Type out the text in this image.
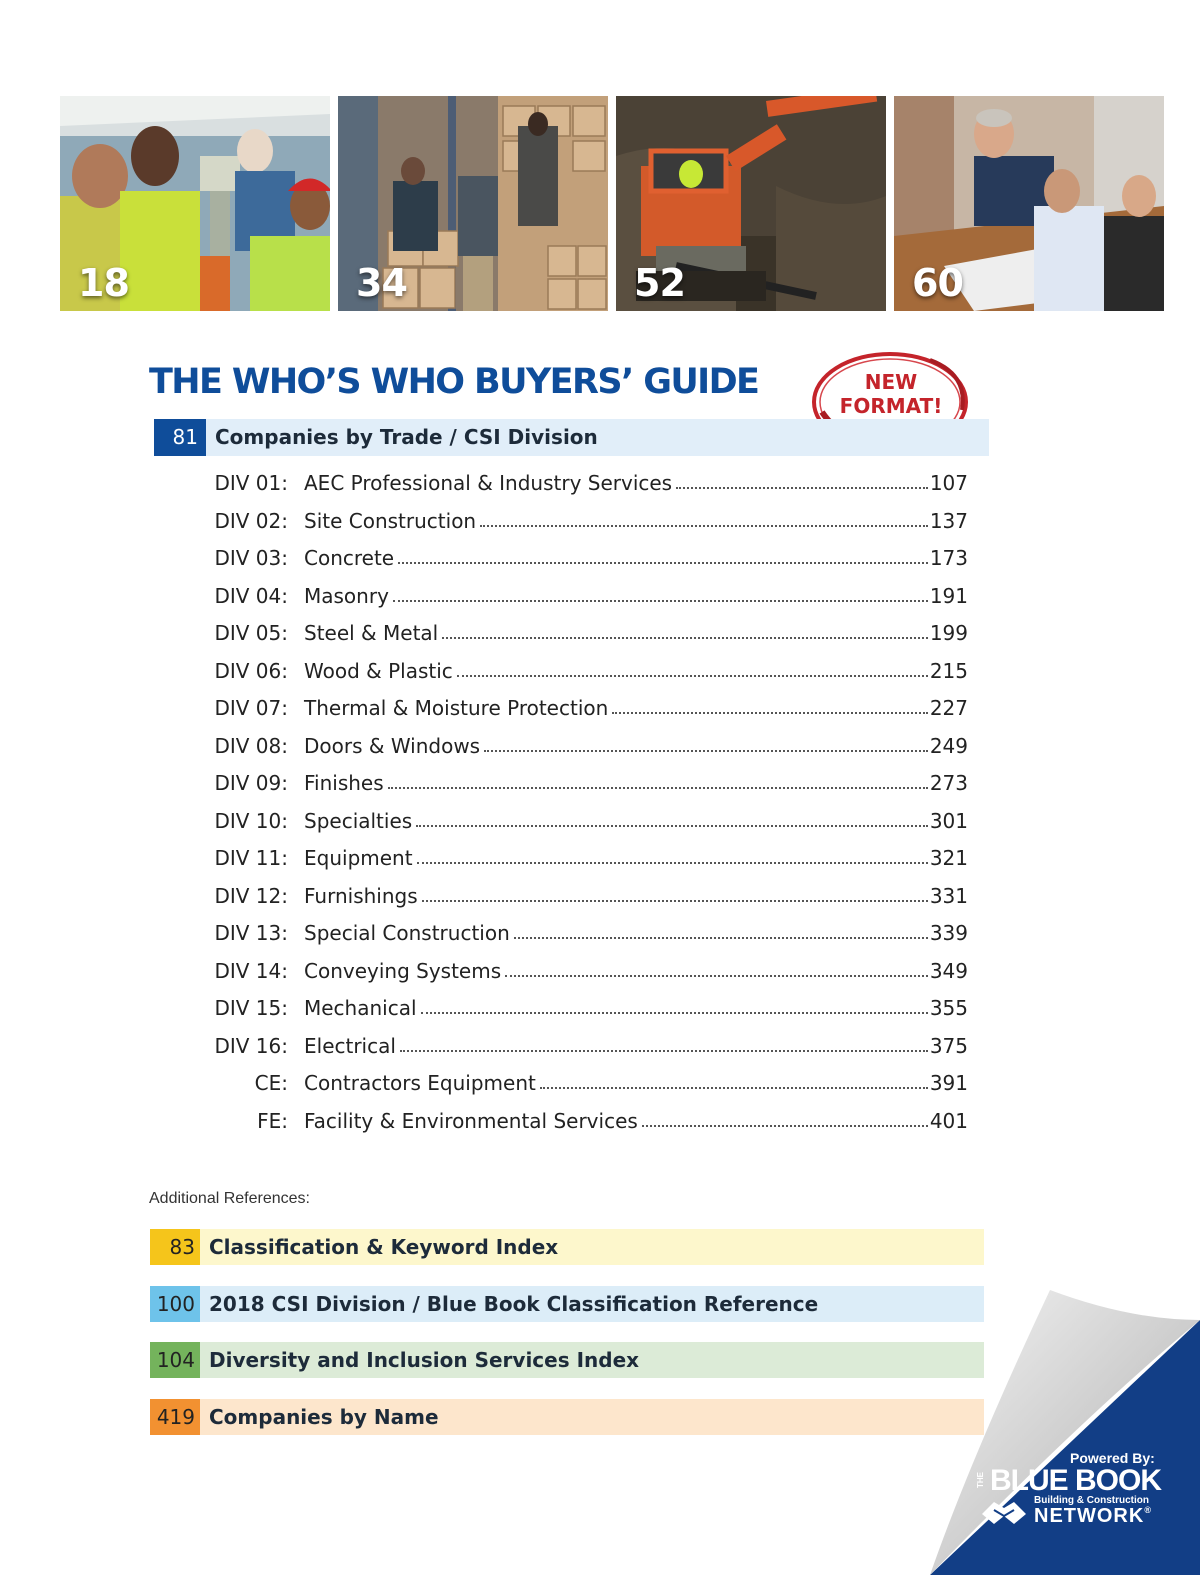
18	34	52	60
THE WHO’S WHO BUYERS’ GUIDE	NEW
FORMAT!
81 Companies by Trade / CSI Division
DIV 01: AEC Professional & Industry Services	107
DIV 02: Site Construction	137
DIV 03: Concrete	173
DIV 04: Masonry	191
DIV 05: Steel & Metal	199
DIV 06: Wood & Plastic	215
DIV 07: Thermal & Moisture Protection	227
DIV 08: Doors & Windows	249
DIV 09: Finishes	273
DIV 10: Specialties	301
DIV 11: Equipment	321
DIV 12: Furnishings	331
DIV 13: Special Construction	339
DIV 14: Conveying Systems	349
DIV 15: Mechanical	355
DIV 16: Electrical	375
CE: Contractors Equipment	391
FE: Facility & Environmental Services	401
Additional References:
83 Classification & Keyword Index
100 2018 CSI Division / Blue Book Classification Reference
104 Diversity and Inclusion Services Index
419 Companies by Name
Powered By:
THE BLUE BOOK
Building & Construction
NETWORK®
